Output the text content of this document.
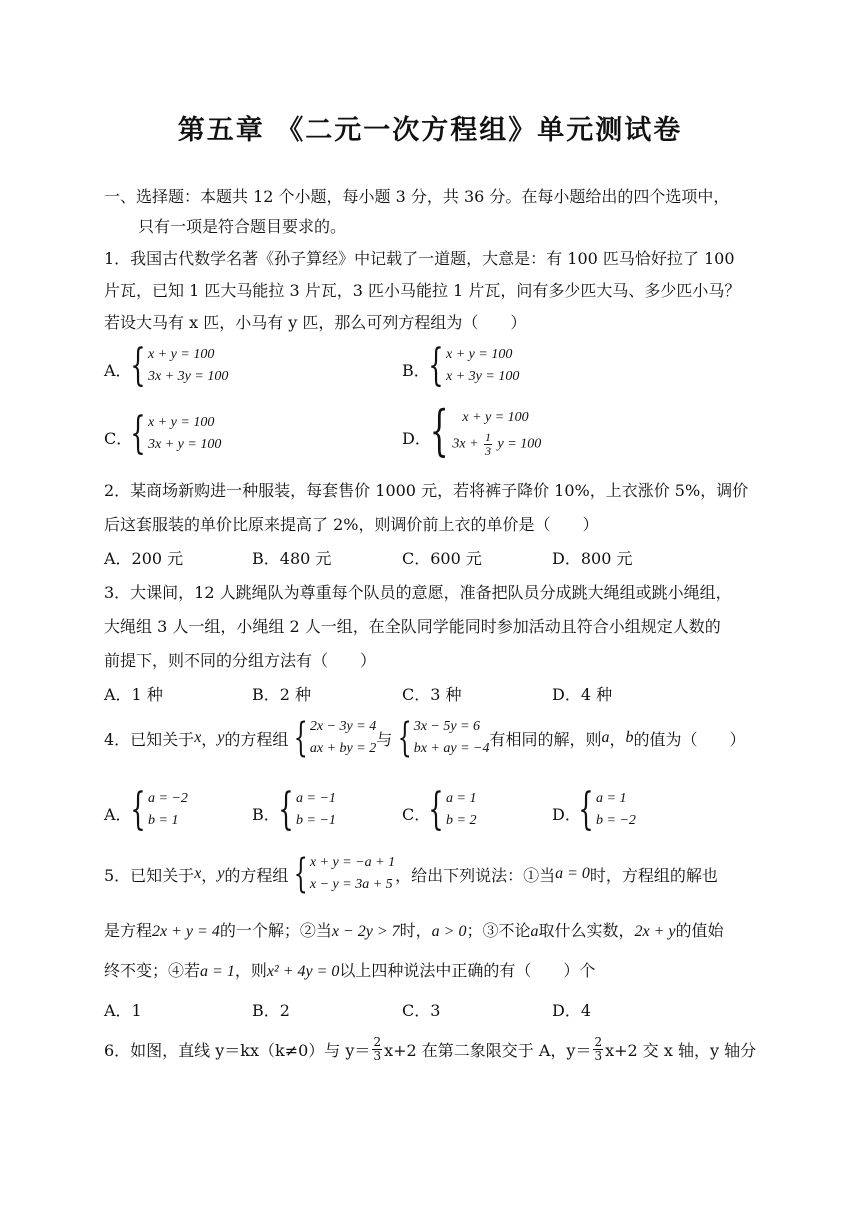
第五章 《二元一次方程组》单元测试卷
一、选择题：本题共 12 个小题，每小题 3 分，共 36 分。在每小题给出的四个选项中，
只有一项是符合题目要求的。
1．我国古代数学名著《孙子算经》中记载了一道题，大意是：有 100 匹马恰好拉了 100
片瓦，已知 1 匹大马能拉 3 片瓦，3 匹小马能拉 1 片瓦，问有多少匹大马、多少匹小马？
若设大马有 x 匹，小马有 y 匹，那么可列方程组为（　　）
A．
{ x + y = 100
3x + 3y = 100	B．
{ x + y = 100
x + 3y = 100
C．
{ x + y = 100
3x + y = 100	D．
{ x + y = 100
$3x + \frac{1}{3}$ y = 100
2．某商场新购进一种服装，每套售价 1000 元，若将裤子降价 10%，上衣涨价 5%，调价
后这套服装的单价比原来提高了 2%，则调价前上衣的单价是（　　）
A．200 元	B．480 元	C．600 元	D．800 元
3．大课间，12 人跳绳队为尊重每个队员的意愿，准备把队员分成跳大绳组或跳小绳组，
大绳组 3 人一组，小绳组 2 人一组，在全队同学能同时参加活动且符合小组规定人数的
前提下，则不同的分组方法有（　　）
A．1 种	B．2 种	C．3 种	D．4 种
4．已知关于 x ， y 的方程组 { 2x − 3y = 4
ax + by = 2 与 { 3x − 5y = 6
bx + ay = −4 有相同的解，则 a ， b 的值为（　　）
A．
{ a = −2
b = 1	B．
{ a = −1
b = −1	C．
{ a = 1
b = 2	D．
{ a = 1
b = −2
5．已知关于 x ， y 的方程组 { x + y = −a + 1
x − y = 3a + 5 ，给出下列说法：①当 a = 0 时，方程组的解也
是方程2x + y = 4的一个解；②当x − 2y > 7时，a > 0；③不论a取什么实数，2x + y的值始
终不变；④若a = 1，则x² + 4y = 0以上四种说法中正确的有（　　）个
A．1	B．2	C．3	D．4
6．如图，直线 y＝kx（k≠0）与 $y= \frac{2}{3} x+2$ 在第二象限交于 A，$y= \frac{2}{3} x+2$ 交 x 轴，y 轴分
